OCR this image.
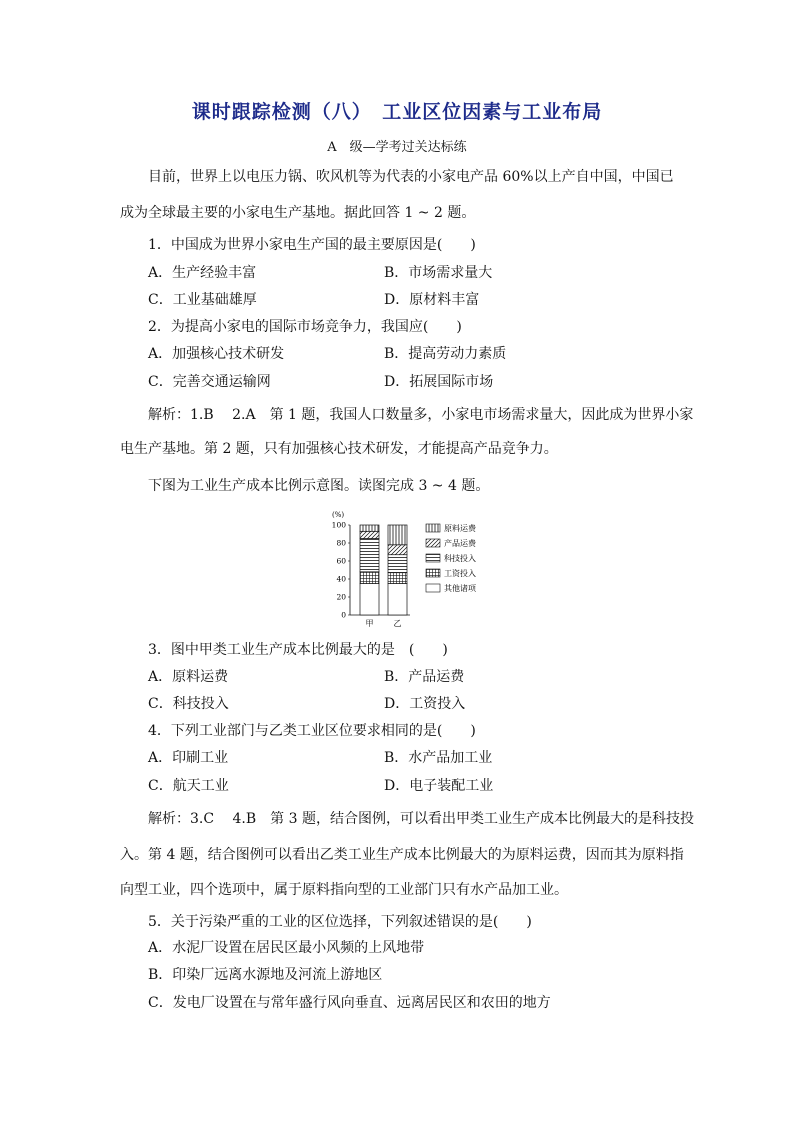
课时跟踪检测（八）　工业区位因素与工业布局
A　级—学考过关达标练
目前，世界上以电压力锅、吹风机等为代表的小家电产品 60%以上产自中国，中国已
成为全球最主要的小家电生产基地。据此回答 1 ~ 2 题。
1．中国成为世界小家电生产国的最主要原因是(　　)
A．生产经验丰富	B．市场需求量大
C．工业基础雄厚	D．原材料丰富
2．为提高小家电的国际市场竞争力，我国应(　　)
A．加强核心技术研发	B．提高劳动力素质
C．完善交通运输网	D．拓展国际市场
解析：1.B　 2.A　第 1 题，我国人口数量多，小家电市场需求量大，因此成为世界小家
电生产基地。第 2 题，只有加强核心技术研发，才能提高产品竞争力。
下图为工业生产成本比例示意图。读图完成 3 ~ 4 题。
(%)
0
20
40
60
80
100
甲	乙
原料运费
产品运费
科技投入
工资投入
其他诸项
3．图中甲类工业生产成本比例最大的是　(　　)
A．原料运费	B．产品运费
C．科技投入	D．工资投入
4．下列工业部门与乙类工业区位要求相同的是(　　)
A．印刷工业	B．水产品加工业
C．航天工业	D．电子装配工业
解析：3.C　 4.B　第 3 题，结合图例，可以看出甲类工业生产成本比例最大的是科技投
入。第 4 题，结合图例可以看出乙类工业生产成本比例最大的为原料运费，因而其为原料指
向型工业，四个选项中，属于原料指向型的工业部门只有水产品加工业。
5．关于污染严重的工业的区位选择，下列叙述错误的是(　　)
A．水泥厂设置在居民区最小风频的上风地带
B．印染厂远离水源地及河流上游地区
C．发电厂设置在与常年盛行风向垂直、远离居民区和农田的地方
